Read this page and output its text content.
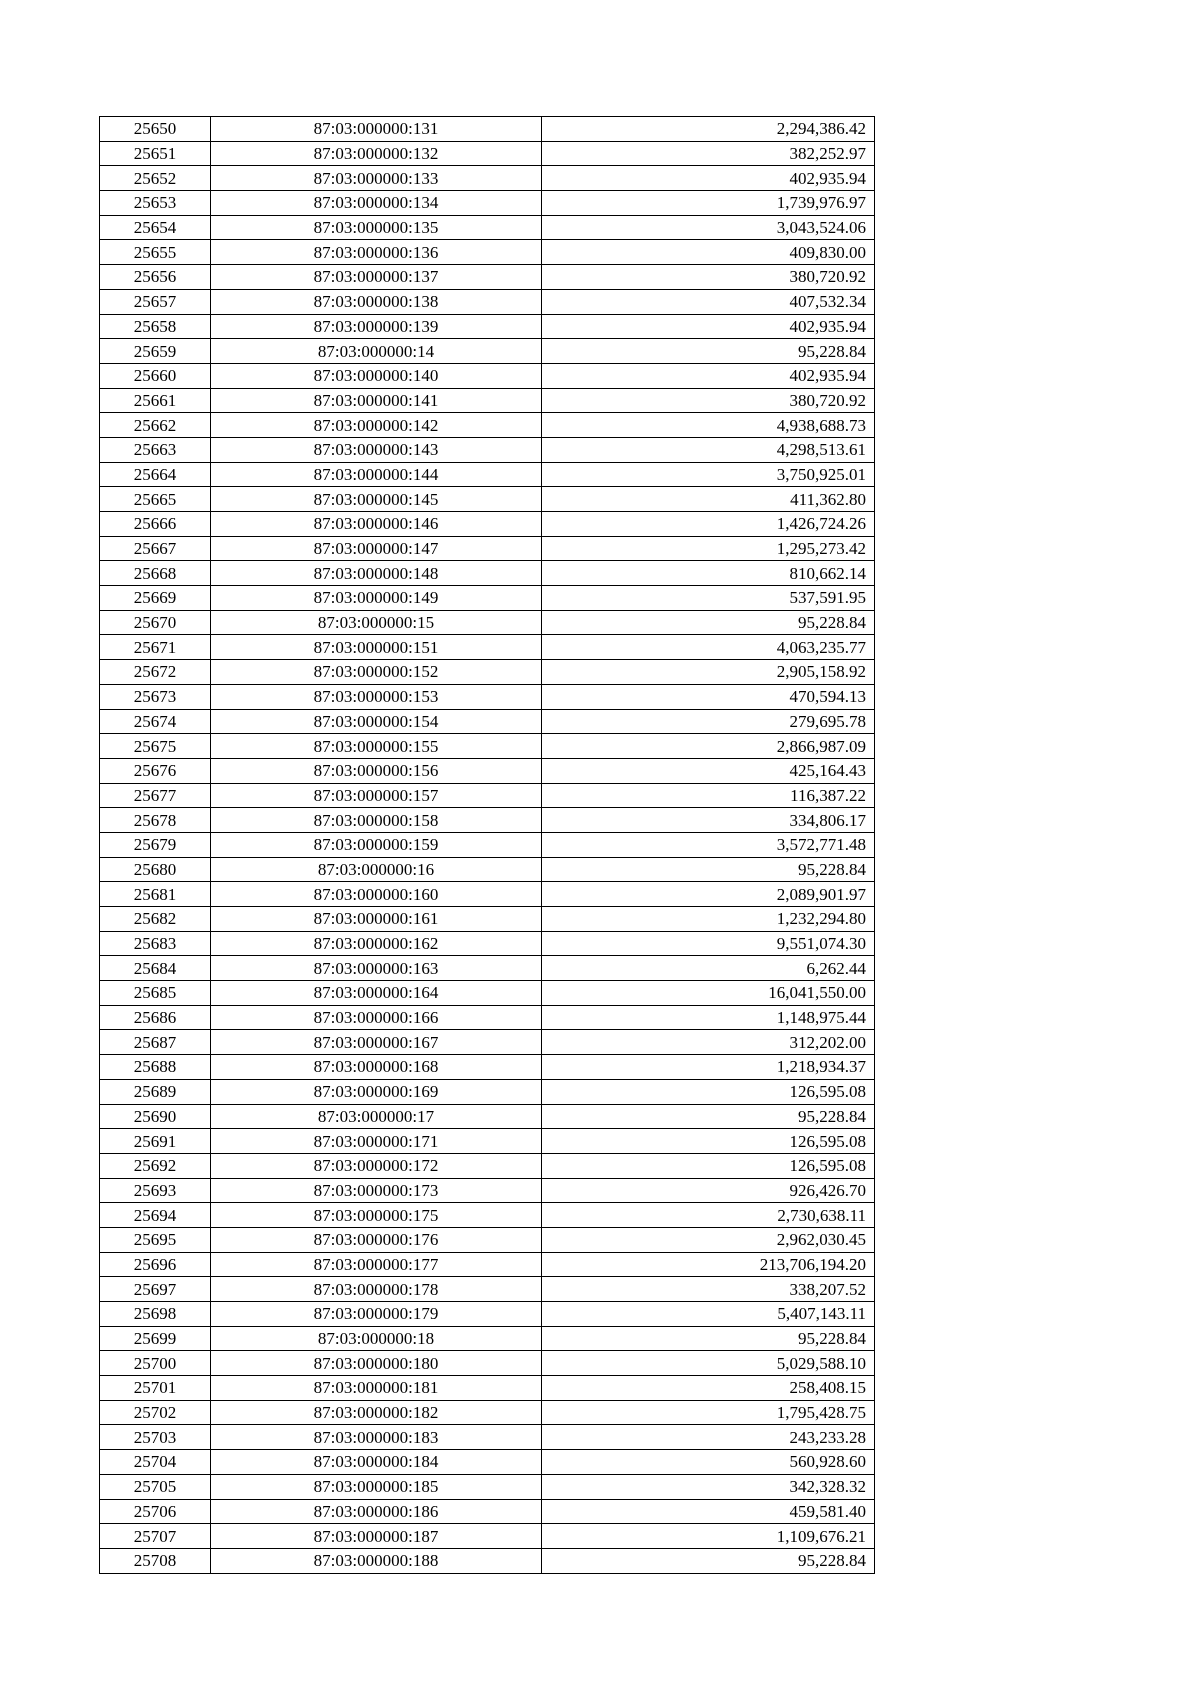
25650	87:03:000000:131	2,294,386.42
25651	87:03:000000:132	382,252.97
25652	87:03:000000:133	402,935.94
25653	87:03:000000:134	1,739,976.97
25654	87:03:000000:135	3,043,524.06
25655	87:03:000000:136	409,830.00
25656	87:03:000000:137	380,720.92
25657	87:03:000000:138	407,532.34
25658	87:03:000000:139	402,935.94
25659	87:03:000000:14	95,228.84
25660	87:03:000000:140	402,935.94
25661	87:03:000000:141	380,720.92
25662	87:03:000000:142	4,938,688.73
25663	87:03:000000:143	4,298,513.61
25664	87:03:000000:144	3,750,925.01
25665	87:03:000000:145	411,362.80
25666	87:03:000000:146	1,426,724.26
25667	87:03:000000:147	1,295,273.42
25668	87:03:000000:148	810,662.14
25669	87:03:000000:149	537,591.95
25670	87:03:000000:15	95,228.84
25671	87:03:000000:151	4,063,235.77
25672	87:03:000000:152	2,905,158.92
25673	87:03:000000:153	470,594.13
25674	87:03:000000:154	279,695.78
25675	87:03:000000:155	2,866,987.09
25676	87:03:000000:156	425,164.43
25677	87:03:000000:157	116,387.22
25678	87:03:000000:158	334,806.17
25679	87:03:000000:159	3,572,771.48
25680	87:03:000000:16	95,228.84
25681	87:03:000000:160	2,089,901.97
25682	87:03:000000:161	1,232,294.80
25683	87:03:000000:162	9,551,074.30
25684	87:03:000000:163	6,262.44
25685	87:03:000000:164	16,041,550.00
25686	87:03:000000:166	1,148,975.44
25687	87:03:000000:167	312,202.00
25688	87:03:000000:168	1,218,934.37
25689	87:03:000000:169	126,595.08
25690	87:03:000000:17	95,228.84
25691	87:03:000000:171	126,595.08
25692	87:03:000000:172	126,595.08
25693	87:03:000000:173	926,426.70
25694	87:03:000000:175	2,730,638.11
25695	87:03:000000:176	2,962,030.45
25696	87:03:000000:177	213,706,194.20
25697	87:03:000000:178	338,207.52
25698	87:03:000000:179	5,407,143.11
25699	87:03:000000:18	95,228.84
25700	87:03:000000:180	5,029,588.10
25701	87:03:000000:181	258,408.15
25702	87:03:000000:182	1,795,428.75
25703	87:03:000000:183	243,233.28
25704	87:03:000000:184	560,928.60
25705	87:03:000000:185	342,328.32
25706	87:03:000000:186	459,581.40
25707	87:03:000000:187	1,109,676.21
25708	87:03:000000:188	95,228.84
